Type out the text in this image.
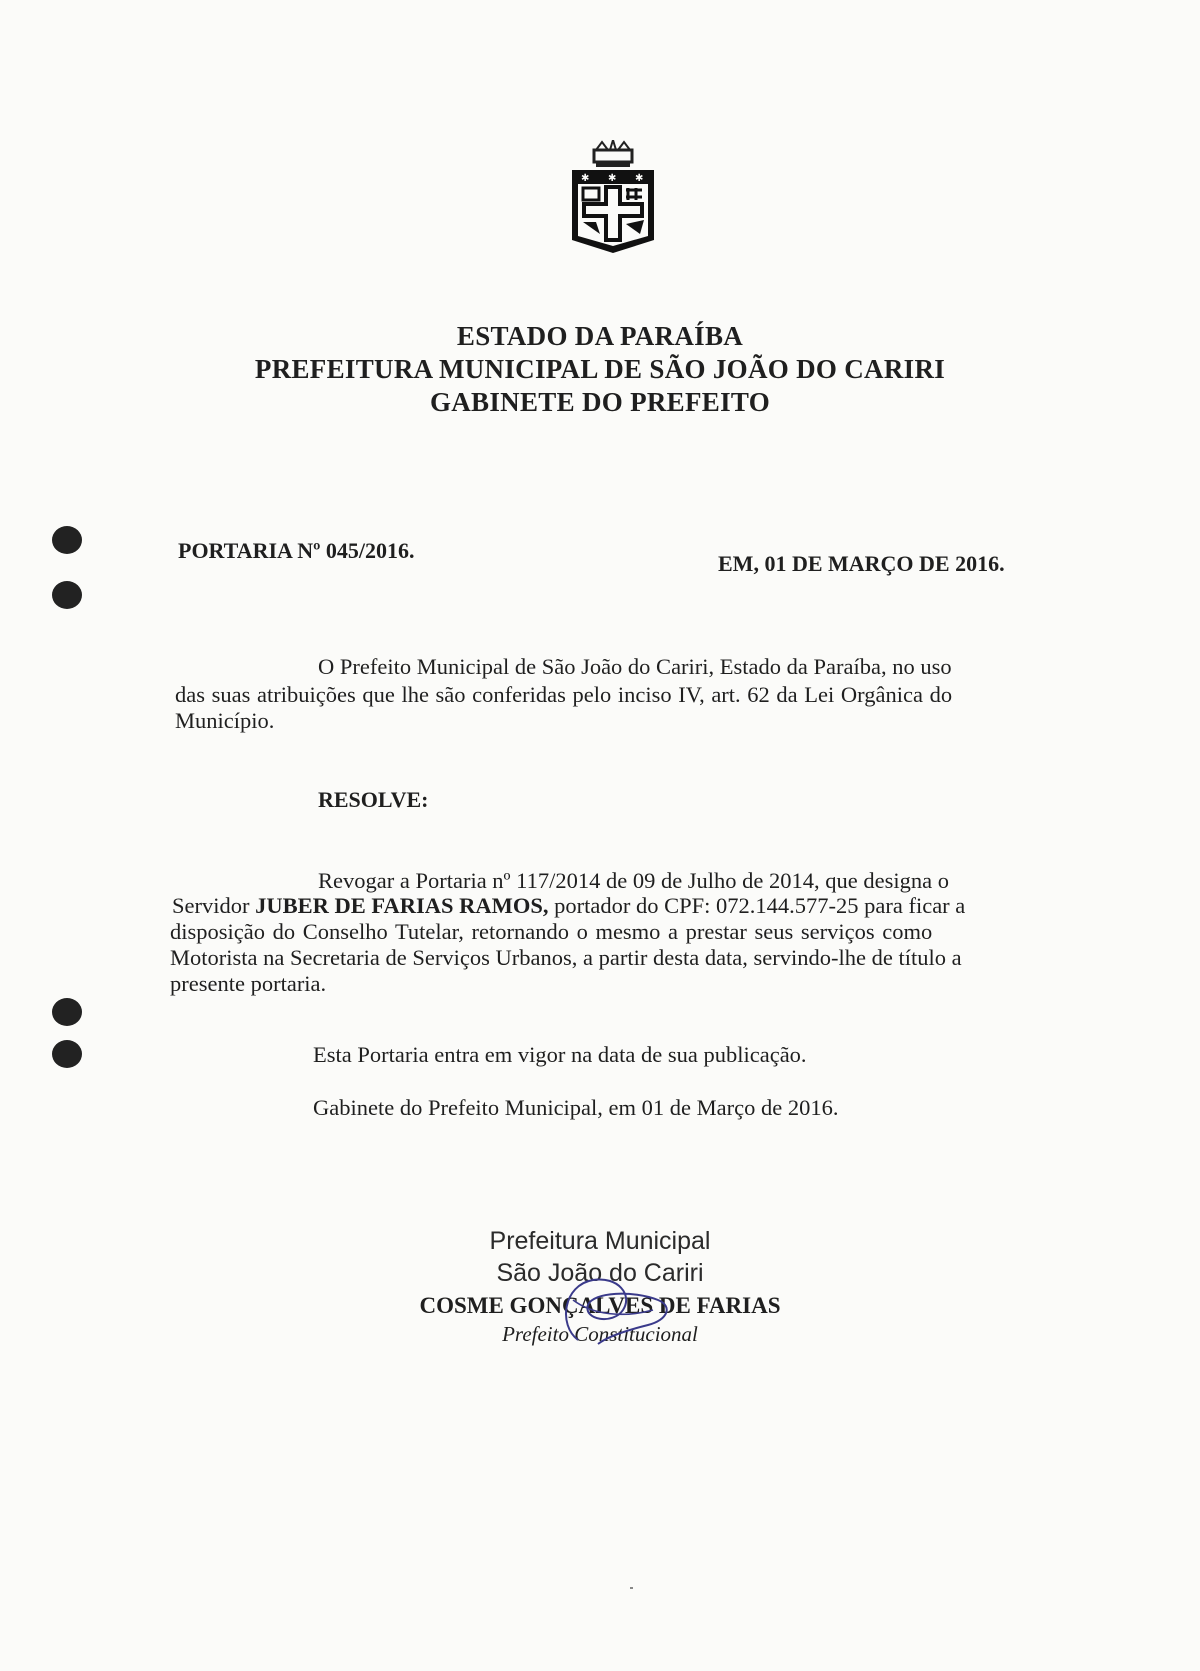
✱ ✱ ✱
ESTADO DA PARAÍBA
PREFEITURA MUNICIPAL DE SÃO JOÃO DO CARIRI
GABINETE DO PREFEITO
PORTARIA Nº 045/2016.
EM, 01 DE MARÇO DE 2016.
O Prefeito Municipal de São João do Cariri, Estado da Paraíba, no uso
das suas atribuições que lhe são conferidas pelo inciso IV, art. 62 da Lei Orgânica do
Município.
RESOLVE:
Revogar a Portaria nº 117/2014 de 09 de Julho de 2014, que designa o
Servidor JUBER DE FARIAS RAMOS, portador do CPF: 072.144.577-25 para ficar a
disposição do Conselho Tutelar, retornando o mesmo a prestar seus serviços como
Motorista na Secretaria de Serviços Urbanos, a partir desta data, servindo-lhe de título a
presente portaria.
Esta Portaria entra em vigor na data de sua publicação.
Gabinete do Prefeito Municipal, em 01 de Março de 2016.
Prefeitura Municipal
São João do Cariri
COSME GONÇALVES DE FARIAS
Prefeito Constitucional
